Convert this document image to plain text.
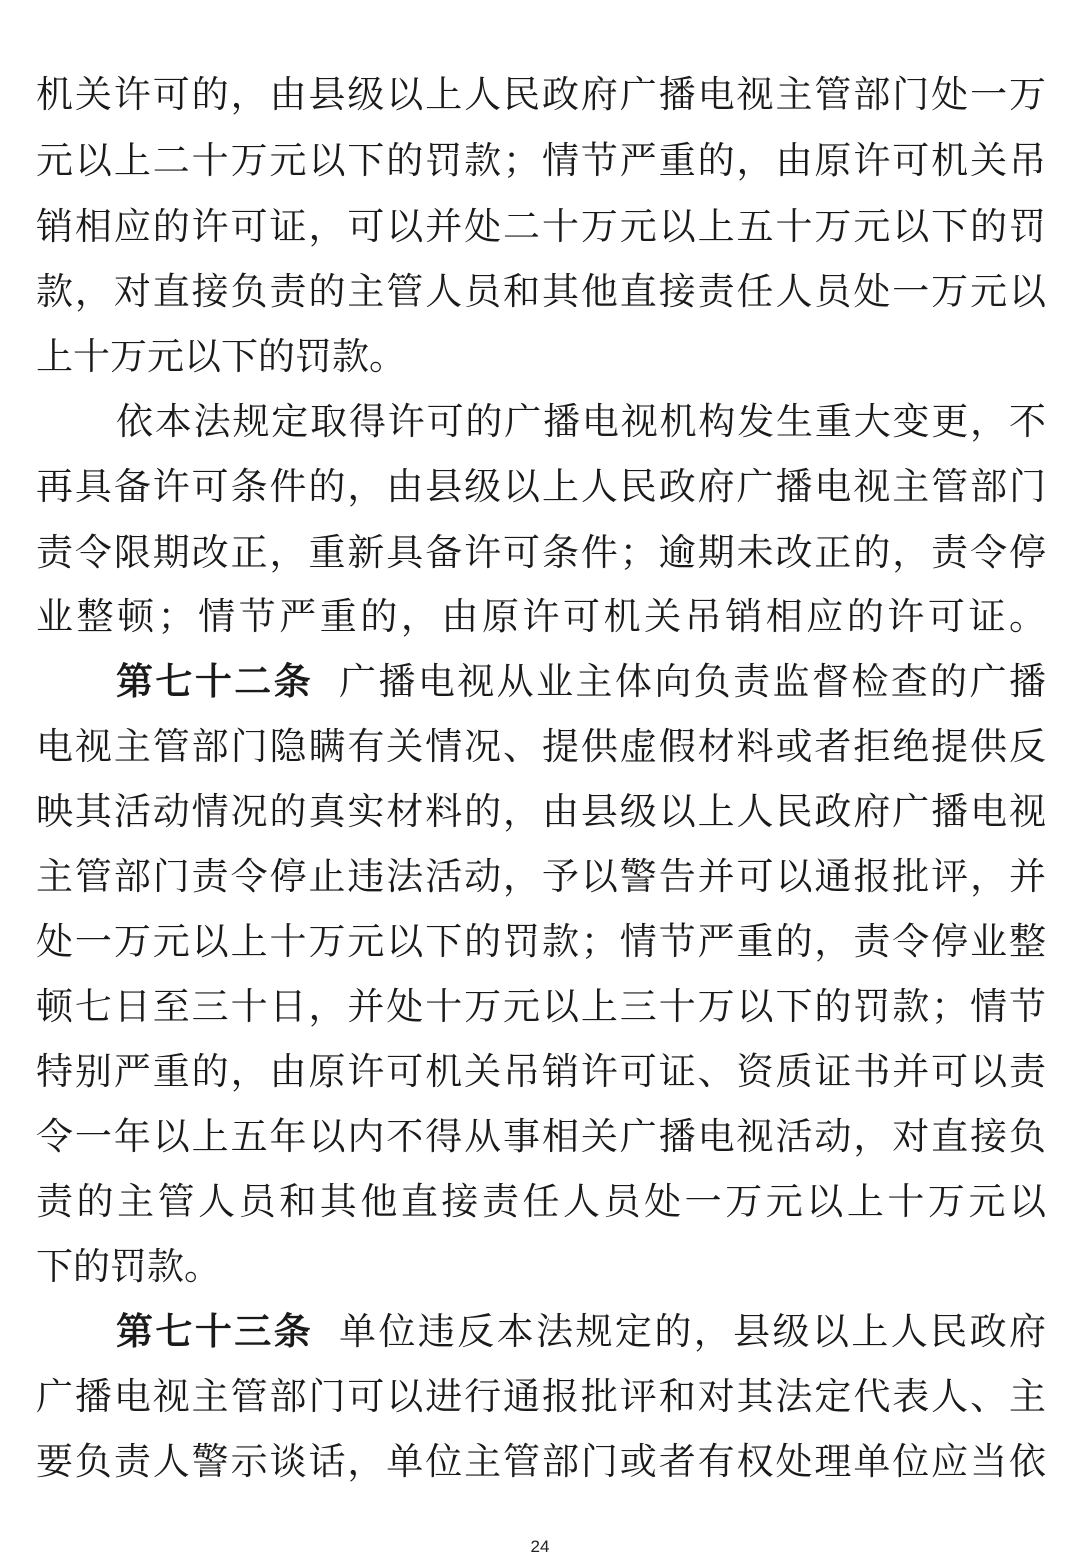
机关许可的，由县级以上人民政府广播电视主管部门处一万
元以上二十万元以下的罚款；情节严重的，由原许可机关吊
销相应的许可证，可以并处二十万元以上五十万元以下的罚
款，对直接负责的主管人员和其他直接责任人员处一万元以
上十万元以下的罚款。
依本法规定取得许可的广播电视机构发生重大变更，不
再具备许可条件的，由县级以上人民政府广播电视主管部门
责令限期改正，重新具备许可条件；逾期未改正的，责令停
业整顿；情节严重的，由原许可机关吊销相应的许可证。
第七十二条 广播电视从业主体向负责监督检查的广播
电视主管部门隐瞒有关情况、提供虚假材料或者拒绝提供反
映其活动情况的真实材料的，由县级以上人民政府广播电视
主管部门责令停止违法活动，予以警告并可以通报批评，并
处一万元以上十万元以下的罚款；情节严重的，责令停业整
顿七日至三十日，并处十万元以上三十万以下的罚款；情节
特别严重的，由原许可机关吊销许可证、资质证书并可以责
令一年以上五年以内不得从事相关广播电视活动，对直接负
责的主管人员和其他直接责任人员处一万元以上十万元以
下的罚款。
第七十三条 单位违反本法规定的，县级以上人民政府
广播电视主管部门可以进行通报批评和对其法定代表人、主
要负责人警示谈话，单位主管部门或者有权处理单位应当依
24
